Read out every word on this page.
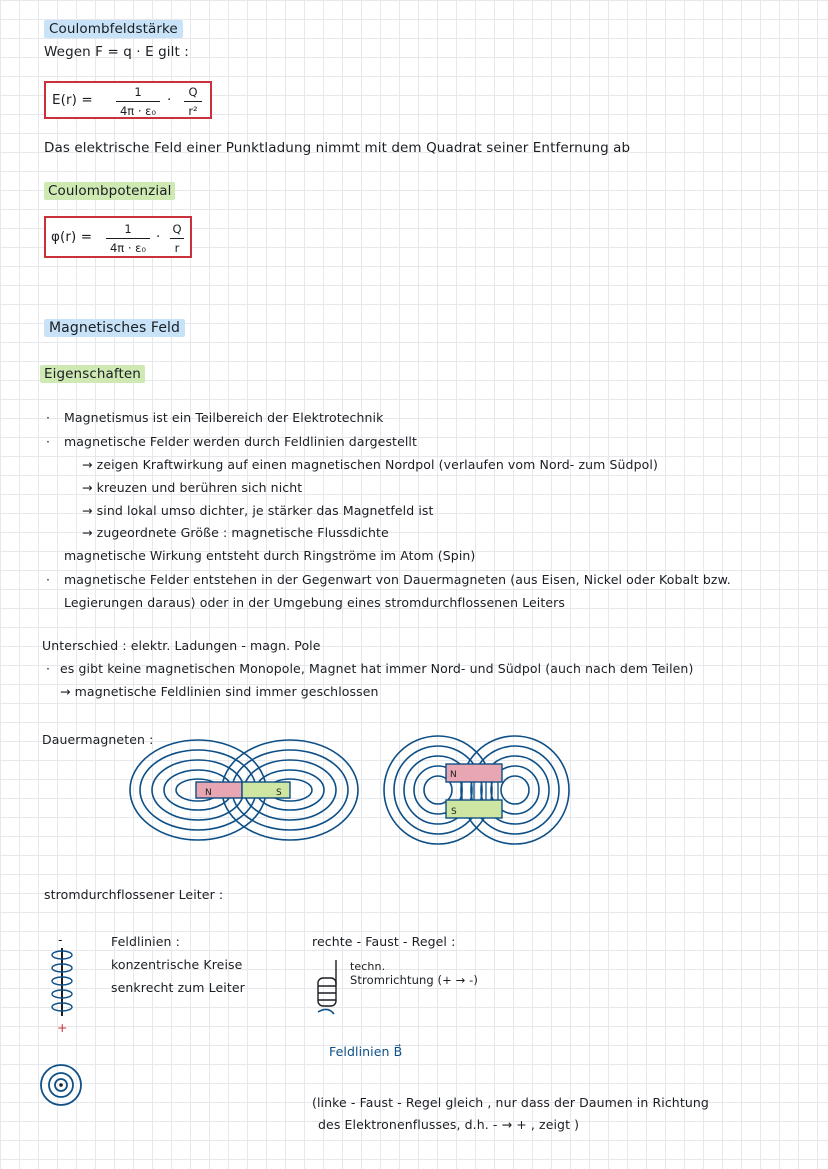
Coulombfeldstärke
Wegen F = q · E gilt :
E(r) =	1
4π · ε₀
· Q
r²
Das elektrische Feld einer Punktladung nimmt mit dem Quadrat seiner Entfernung ab
Coulombpotenzial
φ(r) =	1
4π · ε₀
· Q
r
Magnetisches Feld
Eigenschaften
· Magnetismus ist ein Teilbereich der Elektrotechnik
· magnetische Felder werden durch Feldlinien dargestellt
→ zeigen Kraftwirkung auf einen magnetischen Nordpol (verlaufen vom Nord- zum Südpol)
→ kreuzen und berühren sich nicht
→ sind lokal umso dichter, je stärker das Magnetfeld ist
→ zugeordnete Größe : magnetische Flussdichte
magnetische Wirkung entsteht durch Ringströme im Atom (Spin)
· magnetische Felder entstehen in der Gegenwart von Dauermagneten (aus Eisen, Nickel oder Kobalt bzw.
Legierungen daraus) oder in der Umgebung eines stromdurchflossenen Leiters
Unterschied : elektr. Ladungen - magn. Pole
· es gibt keine magnetischen Monopole, Magnet hat immer Nord- und Südpol (auch nach dem Teilen)
→ magnetische Feldlinien sind immer geschlossen
Dauermagneten :
N	S
N
S
stromdurchflossener Leiter :
-
+
Feldlinien :
konzentrische Kreise
senkrecht zum Leiter
rechte - Faust - Regel :
techn.
Stromrichtung (+ → -)
Feldlinien B⃗
(linke - Faust - Regel gleich , nur dass der Daumen in Richtung
des Elektronenflusses, d.h. - → + , zeigt )
